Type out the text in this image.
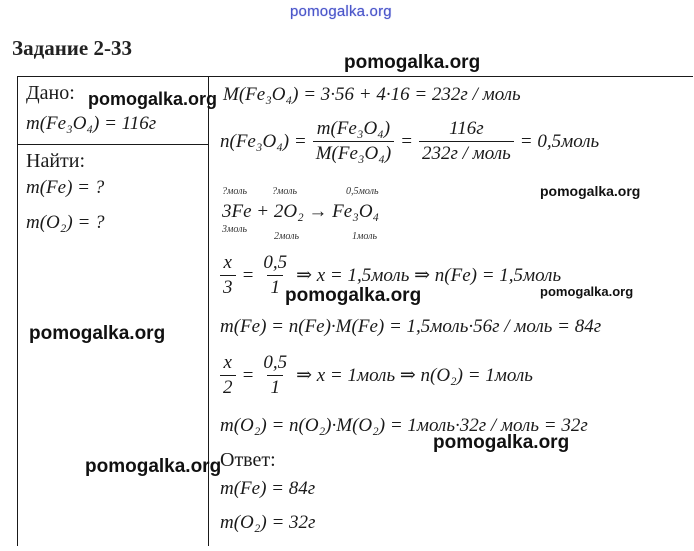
pomogalka.org
Задание 2-33
Дано:
m(Fe₃O₄) = 116г
Найти:
m(Fe) = ?
m(O₂) = ?
M(Fe₃O₄) = 3·56 + 4·16 = 232г / моль
$n(Fe_3O_4) = \frac{\text{m(Fe₃O₄)}}{\text{M(Fe₃O₄)}} = \frac{116г}{\text{232г / моль}}$ = 0,5моль
?моль ?моль	0,5моль
3Fe + 2O₂ → Fe₃O₄
3моль
2моль	1моль
$\frac{x}{3} = \frac{0,5}{1}$ ⇒ x = 1,5моль ⇒ n(Fe) = 1,5моль
m(Fe) = n(Fe)·M(Fe) = 1,5моль·56г / моль = 84г
$\frac{x}{2} = \frac{0,5}{1}$ ⇒ x = 1моль ⇒ n(O₂) = 1моль
m(O₂) = n(O₂)·M(O₂) = 1моль·32г / моль = 32г
Ответ:
m(Fe) = 84г
m(O₂) = 32г
pomogalka.org
pomogalka.org
pomogalka.org
pomogalka.org	pomogalka.org
pomogalka.org
pomogalka.org
pomogalka.org
